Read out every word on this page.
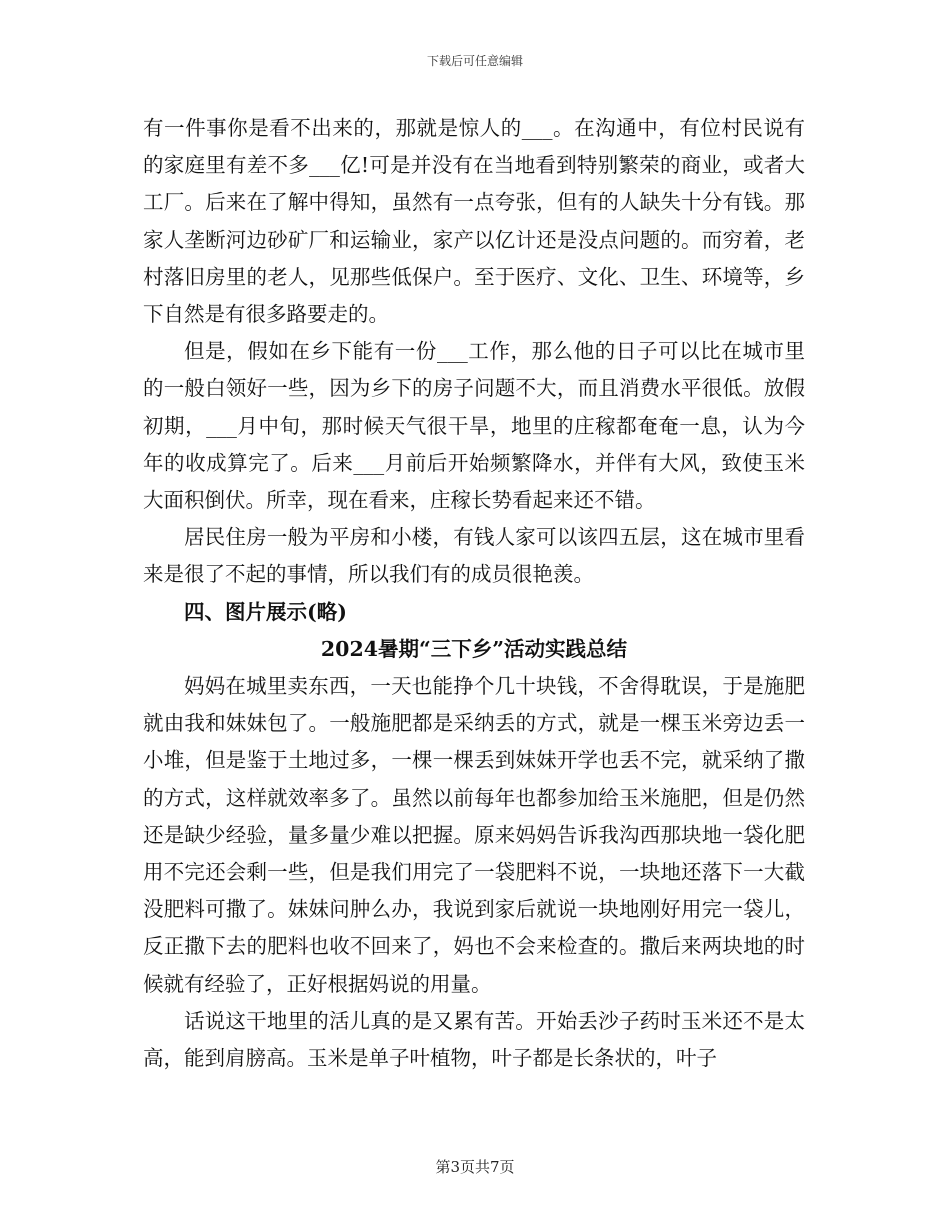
下载后可任意编辑

有一件事你是看不出来的，那就是惊人的___。在沟通中，有位村民说有的家庭里有差不多___亿!可是并没有在当地看到特别繁荣的商业，或者大工厂。后来在了解中得知，虽然有一点夸张，但有的人缺失十分有钱。那家人垄断河边砂矿厂和运输业，家产以亿计还是没点问题的。而穷着，老村落旧房里的老人，见那些低保户。至于医疗、文化、卫生、环境等，乡下自然是有很多路要走的。

但是，假如在乡下能有一份___工作，那么他的日子可以比在城市里的一般白领好一些，因为乡下的房子问题不大，而且消费水平很低。放假初期，___月中旬，那时候天气很干旱，地里的庄稼都奄奄一息，认为今年的收成算完了。后来___月前后开始频繁降水，并伴有大风，致使玉米大面积倒伏。所幸，现在看来，庄稼长势看起来还不错。

居民住房一般为平房和小楼，有钱人家可以该四五层，这在城市里看来是很了不起的事情，所以我们有的成员很艳羡。

四、图片展示(略)

2024暑期“三下乡”活动实践总结

妈妈在城里卖东西，一天也能挣个几十块钱，不舍得耽误，于是施肥就由我和妹妹包了。一般施肥都是采纳丢的方式，就是一棵玉米旁边丢一小堆，但是鉴于土地过多，一棵一棵丢到妹妹开学也丢不完，就采纳了撒的方式，这样就效率多了。虽然以前每年也都参加给玉米施肥，但是仍然还是缺少经验，量多量少难以把握。原来妈妈告诉我沟西那块地一袋化肥用不完还会剩一些，但是我们用完了一袋肥料不说，一块地还落下一大截没肥料可撒了。妹妹问肿么办，我说到家后就说一块地刚好用完一袋儿，反正撒下去的肥料也收不回来了，妈也不会来检查的。撒后来两块地的时候就有经验了，正好根据妈说的用量。

话说这干地里的活儿真的是又累有苦。开始丢沙子药时玉米还不是太高，能到肩膀高。玉米是单子叶植物，叶子都是长条状的，叶子

第3页共7页
